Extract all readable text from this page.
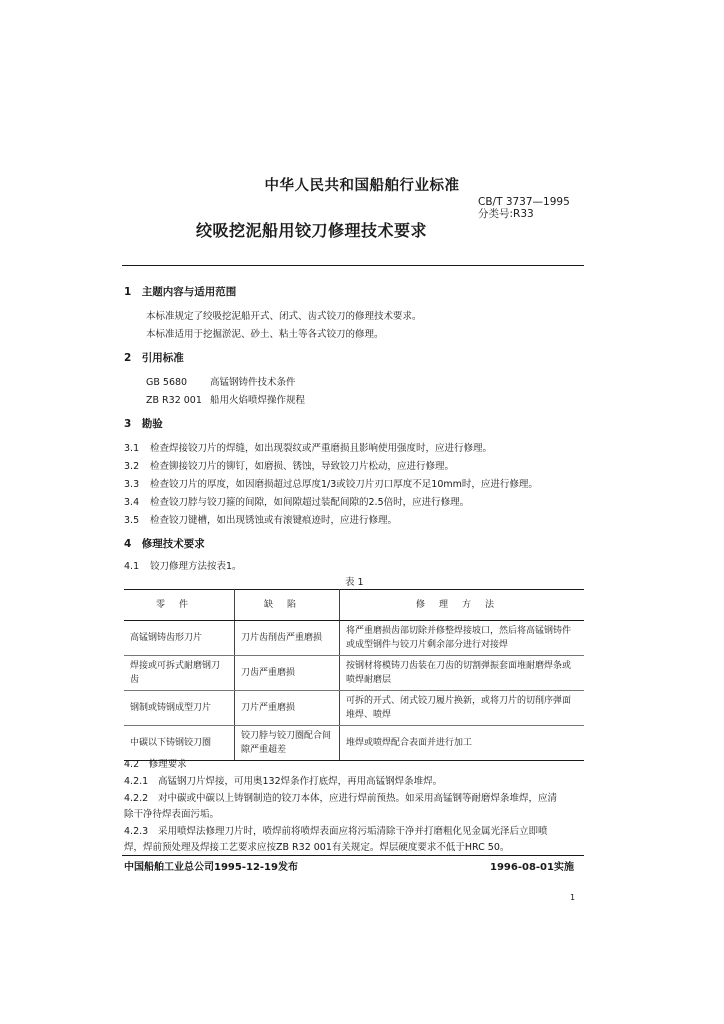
中华人民共和国船舶行业标准
CB/T 3737—1995
分类号:R33
绞吸挖泥船用铰刀修理技术要求
1　主题内容与适用范围
本标准规定了绞吸挖泥船开式、闭式、齿式铰刀的修理技术要求。
本标准适用于挖掘淤泥、砂土、粘土等各式铰刀的修理。
2　引用标准
GB 5680 高锰钢铸件技术条件
ZB R32 001 船用火焰喷焊操作规程
3　勘验
3.1 检查焊接铰刀片的焊缝，如出现裂纹或严重磨损且影响使用强度时，应进行修理。
3.2 检查铆接铰刀片的铆钉，如磨损、锈蚀，导致铰刀片松动，应进行修理。
3.3 检查铰刀片的厚度，如因磨损超过总厚度1/3或铰刀片刃口厚度不足10mm时，应进行修理。
3.4 检查铰刀脖与铰刀箍的间隙，如间隙超过装配间隙的2.5倍时，应进行修理。
3.5 检查铰刀键槽，如出现锈蚀或有滚键痕迹时，应进行修理。
4　修理技术要求
4.1 铰刀修理方法按表1。
表 1
零件	缺陷	修理方法
高锰钢铸齿形刀片	刀片齿削齿严重磨损	将严重磨损齿部切除并修整焊接坡口，然后将高锰钢铸件或成型钢件与铰刀片剩余部分进行对接焊
焊接或可拆式耐磨钢刀齿	刀齿严重磨损	按钢材将模铸刀齿装在刀齿的切割弹振套面堆耐磨焊条或喷焊耐磨层
钢制或铸钢成型刀片	刀片严重磨损	可拆的开式、闭式铰刀履片换新，或将刀片的切削序弹面堆焊、喷焊
中碳以下铸钢铰刀圈	铰刀脖与铰刀圈配合间隙严重超差	堆焊或喷焊配合表面并进行加工
4.2　修理要求
4.2.1 高锰钢刀片焊接，可用奥132焊条作打底焊，再用高锰钢焊条堆焊。
4.2.2 对中碳或中碳以上铸钢制造的铰刀本体，应进行焊前预热。如采用高锰钢等耐磨焊条堆焊，应清
除干净待焊表面污垢。
4.2.3 采用喷焊法修理刀片时，喷焊前将喷焊表面应将污垢清除干净并打磨粗化见金属光泽后立即喷
焊，焊前预处理及焊接工艺要求应按ZB R32 001有关规定。焊层硬度要求不低于HRC 50。
中国船舶工业总公司1995-12-19发布	1996-08-01实施
1
